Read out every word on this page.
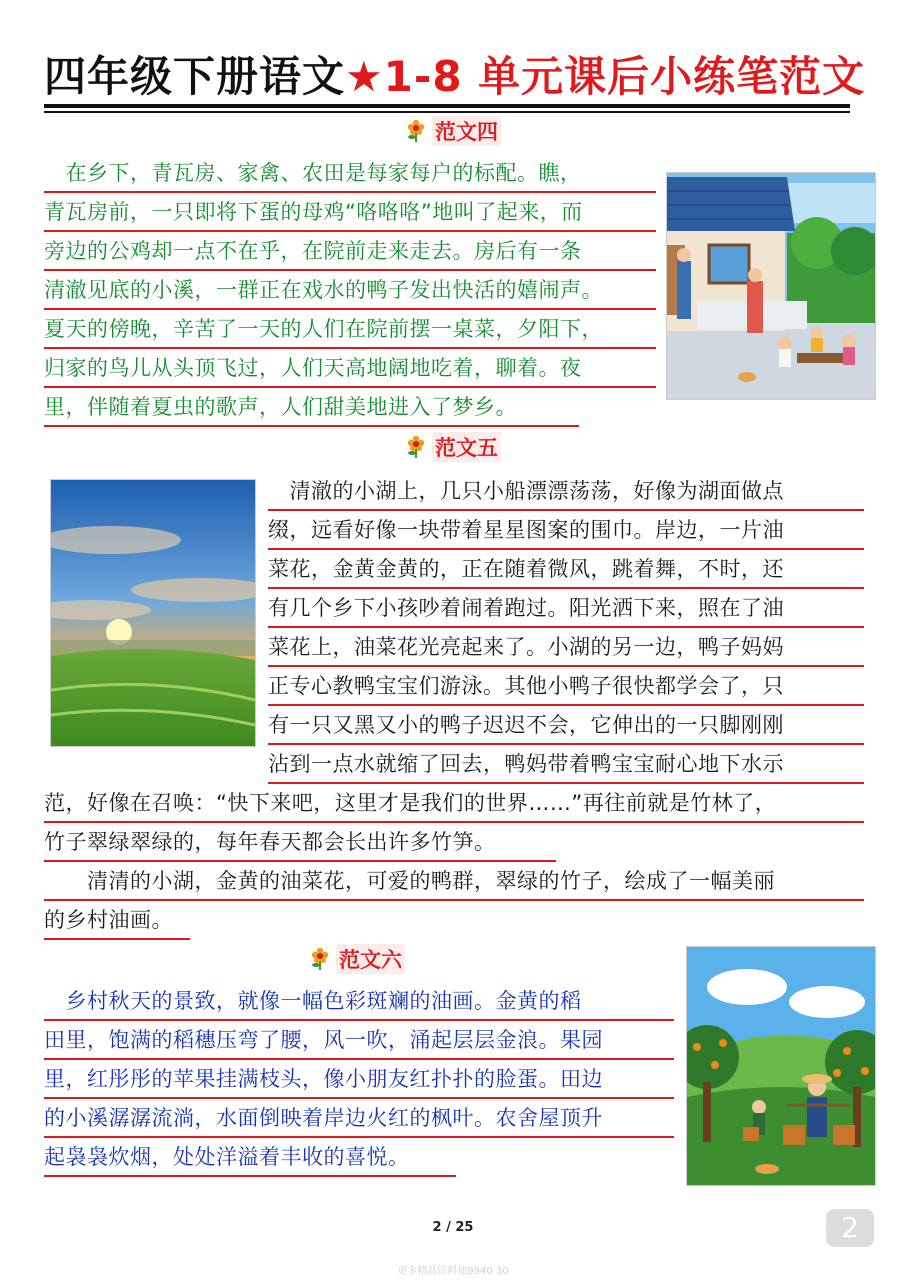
四年级下册语文★1-8 单元课后小练笔范文
范文四
　在乡下，青瓦房、家禽、农田是每家每户的标配。瞧，
青瓦房前，一只即将下蛋的母鸡“咯咯咯”地叫了起来，而
旁边的公鸡却一点不在乎，在院前走来走去。房后有一条
清澈见底的小溪，一群正在戏水的鸭子发出快活的嬉闹声。
夏天的傍晚，辛苦了一天的人们在院前摆一桌菜，夕阳下，
归家的鸟儿从头顶飞过，人们天高地阔地吃着，聊着。夜
里，伴随着夏虫的歌声，人们甜美地进入了梦乡。
范文五
　清澈的小湖上，几只小船漂漂荡荡，好像为湖面做点
缀，远看好像一块带着星星图案的围巾。岸边，一片油
菜花，金黄金黄的，正在随着微风，跳着舞，不时，还
有几个乡下小孩吵着闹着跑过。阳光洒下来，照在了油
菜花上，油菜花光亮起来了。小湖的另一边，鸭子妈妈
正专心教鸭宝宝们游泳。其他小鸭子很快都学会了，只
有一只又黑又小的鸭子迟迟不会，它伸出的一只脚刚刚
沾到一点水就缩了回去，鸭妈带着鸭宝宝耐心地下水示
范，好像在召唤：“快下来吧，这里才是我们的世界……”再往前就是竹林了，
竹子翠绿翠绿的，每年春天都会长出许多竹笋。
　　清清的小湖，金黄的油菜花，可爱的鸭群，翠绿的竹子，绘成了一幅美丽
的乡村油画。
范文六
　乡村秋天的景致，就像一幅色彩斑斓的油画。金黄的稻
田里，饱满的稻穗压弯了腰，风一吹，涌起层层金浪。果园
里，红彤彤的苹果挂满枝头，像小朋友红扑扑的脸蛋。田边
的小溪潺潺流淌，水面倒映着岸边火红的枫叶。农舍屋顶升
起袅袅炊烟，处处洋溢着丰收的喜悦。
2 / 25	2
更多精品资料加9940 30
